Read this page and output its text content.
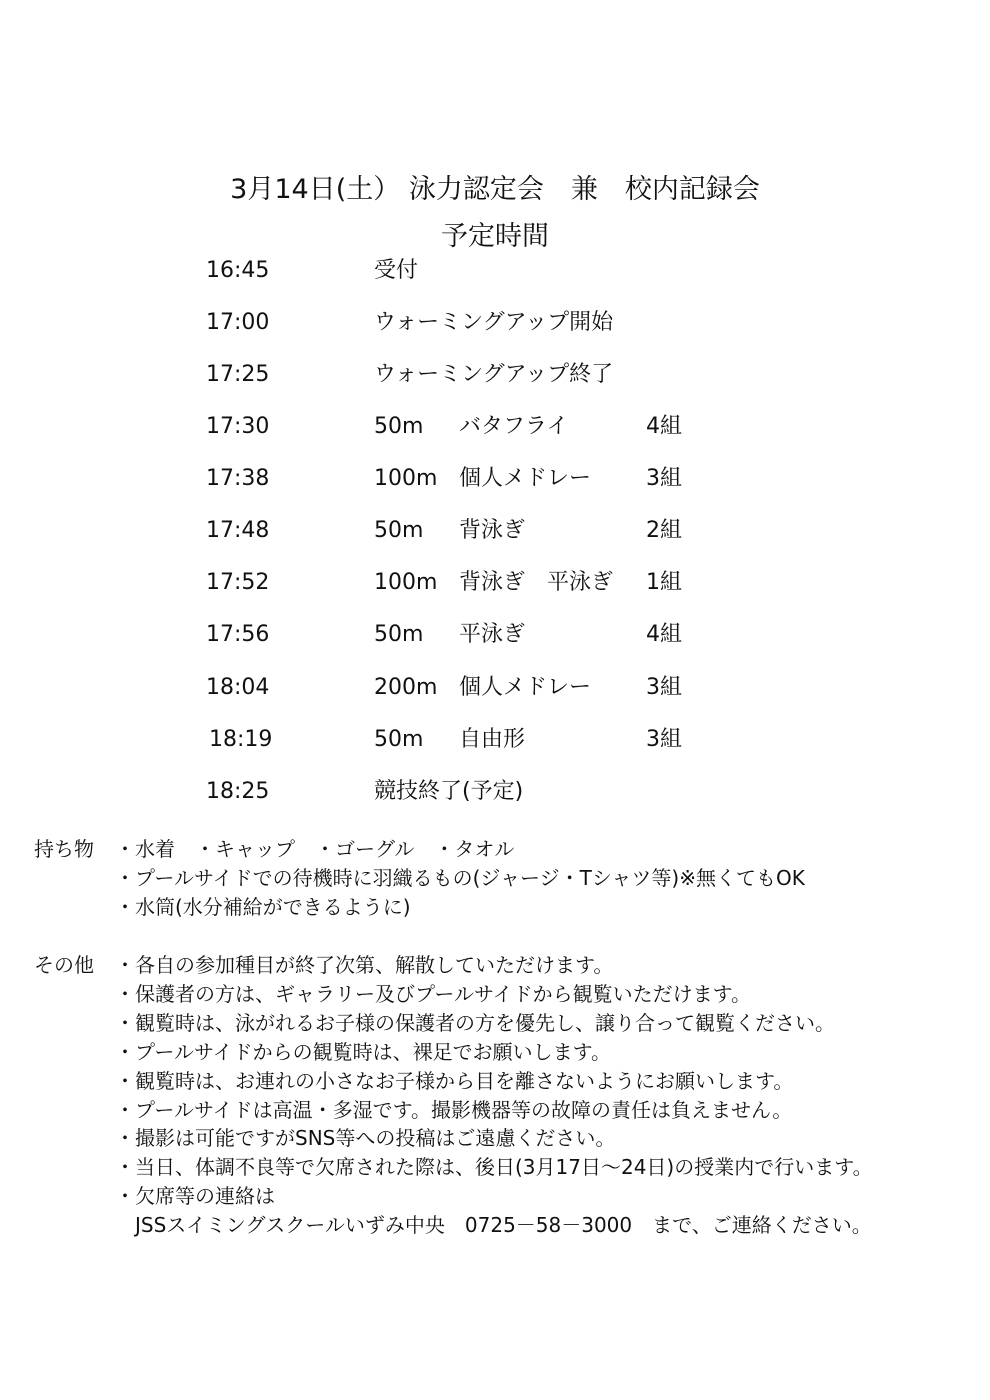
3月14日(土） 泳力認定会　兼　校内記録会
予定時間
16:45	受付
17:00	ウォーミングアップ開始
17:25	ウォーミングアップ終了
17:30	50m バタフライ	4組
17:38	100m 個人メドレー 3組
17:48	50m 背泳ぎ	2組
17:52	100m 背泳ぎ　平泳ぎ 1組
17:56	50m 平泳ぎ	4組
18:04	200m 個人メドレー 3組
18:19	50m 自由形	3組
18:25	競技終了(予定)
持ち物 ・水着　・キャップ　・ゴーグル　・タオル
・プールサイドでの待機時に羽織るもの(ジャージ・Tシャツ等)※無くてもOK
・水筒(水分補給ができるように)
その他 ・各自の参加種目が終了次第、解散していただけます。
・保護者の方は、ギャラリー及びプールサイドから観覧いただけます。
・観覧時は、泳がれるお子様の保護者の方を優先し、譲り合って観覧ください。
・プールサイドからの観覧時は、裸足でお願いします。
・観覧時は、お連れの小さなお子様から目を離さないようにお願いします。
・プールサイドは高温・多湿です。撮影機器等の故障の責任は負えません。
・撮影は可能ですがSNS等への投稿はご遠慮ください。
・当日、体調不良等で欠席された際は、後日(3月17日～24日)の授業内で行います。
・欠席等の連絡は
　JSSスイミングスクールいずみ中央　0725－58－3000　まで、ご連絡ください。
